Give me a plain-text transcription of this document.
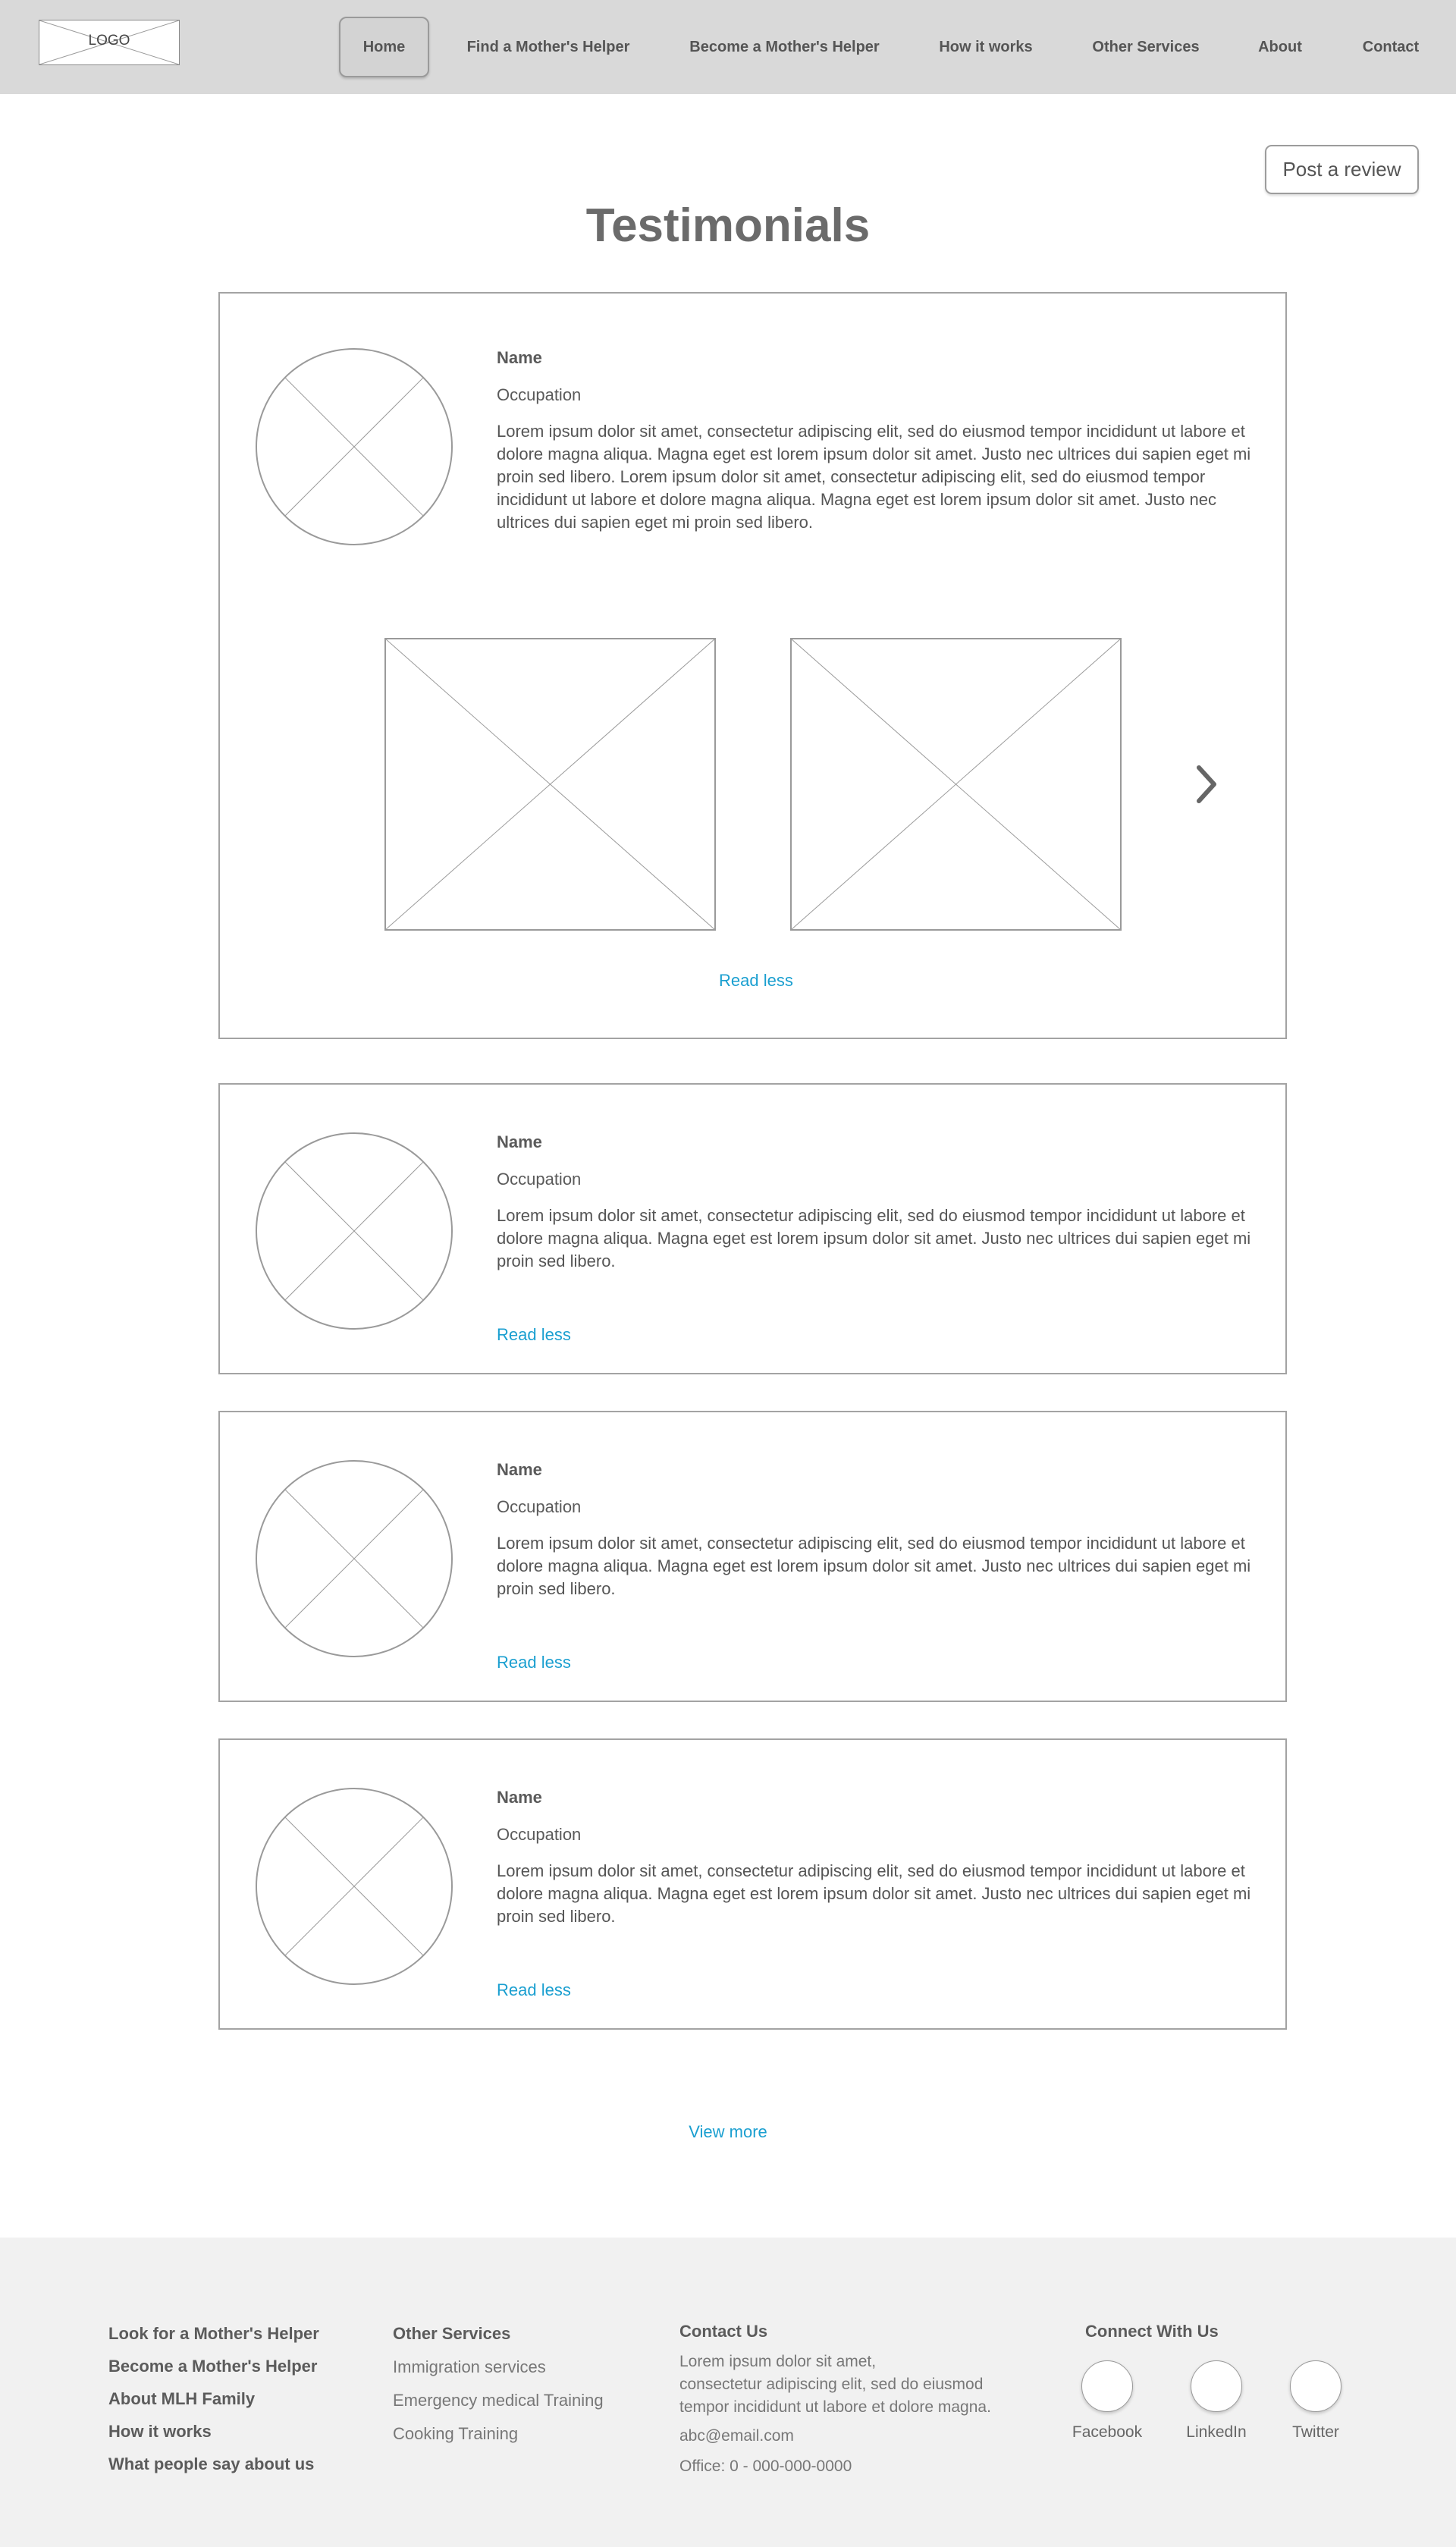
LOGO	Home	Find a Mother's Helper	Become a Mother's Helper	How it works	Other Services	About	Contact
Post a review
Testimonials
Name
Occupation
Lorem ipsum dolor sit amet, consectetur adipiscing elit, sed do eiusmod tempor incididunt ut labore et dolore magna aliqua. Magna eget est lorem ipsum dolor sit amet. Justo nec ultrices dui sapien eget mi proin sed libero. Lorem ipsum dolor sit amet, consectetur adipiscing elit, sed do eiusmod tempor incididunt ut labore et dolore magna aliqua. Magna eget est lorem ipsum dolor sit amet. Justo nec ultrices dui sapien eget mi proin sed libero.
Read less
Name
Occupation
Lorem ipsum dolor sit amet, consectetur adipiscing elit, sed do eiusmod tempor incididunt ut labore et dolore magna aliqua. Magna eget est lorem ipsum dolor sit amet. Justo nec ultrices dui sapien eget mi proin sed libero.
Read less
Name
Occupation
Lorem ipsum dolor sit amet, consectetur adipiscing elit, sed do eiusmod tempor incididunt ut labore et dolore magna aliqua. Magna eget est lorem ipsum dolor sit amet. Justo nec ultrices dui sapien eget mi proin sed libero.
Read less
Name
Occupation
Lorem ipsum dolor sit amet, consectetur adipiscing elit, sed do eiusmod tempor incididunt ut labore et dolore magna aliqua. Magna eget est lorem ipsum dolor sit amet. Justo nec ultrices dui sapien eget mi proin sed libero.
Read less
View more
Look for a Mother's Helper
Become a Mother's Helper
About MLH Family
How it works
What people say about us
Other Services
Immigration services
Emergency medical Training
Cooking Training
Contact Us
Lorem ipsum dolor sit amet,
consectetur adipiscing elit, sed do eiusmod
tempor incididunt ut labore et dolore magna.
abc@email.com
Office: 0 - 000-000-0000
Connect With Us
Facebook	LinkedIn	Twitter
